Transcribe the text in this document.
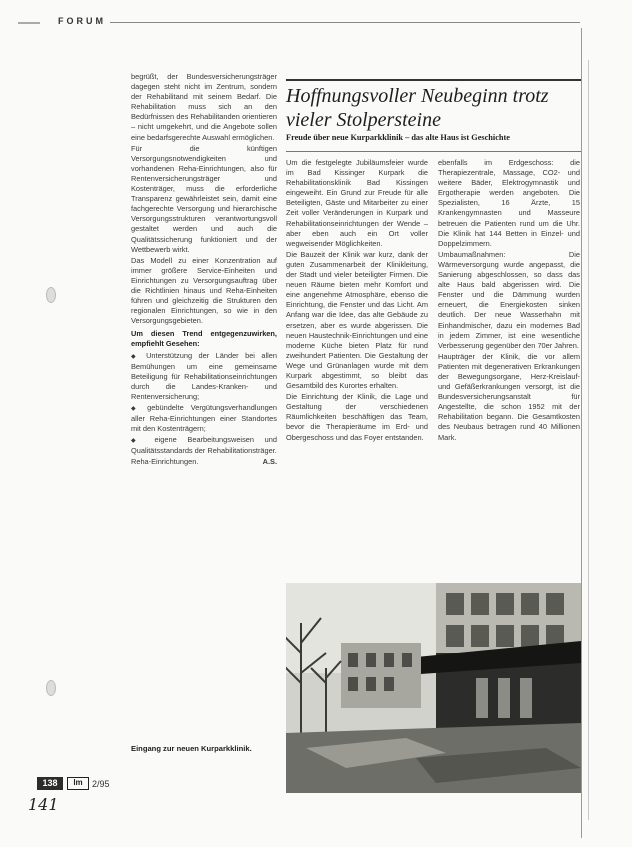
FORUM

begrüßt, der Bundesversicherungsträger dagegen steht nicht im Zentrum, sondern der Rehabilitand mit seinem Bedarf. Die Rehabilitation muss sich an den Bedürfnissen des Rehabilitanden orientieren – nicht umgekehrt, und die Angebote sollen eine bedarfsgerechte Auswahl ermöglichen.

Für die künftigen Versorgungsnotwendigkeiten und vorhandenen Reha-Einrichtungen, also für Rentenversicherungsträger und Kostenträger, muss die erforderliche Transparenz gewährleistet sein, damit eine fachgerechte Versorgung und hierarchische Versorgungsstrukturen verantwortungsvoll gestaltet werden und auch die Qualitätssicherung funktioniert und der Wettbewerb wirkt.

Das Modell zu einer Konzentration auf immer größere Service-Einheiten und Einrichtungen zu Versorgungsauftrag über die Richtlinien hinaus und Reha-Einheiten führen und gleichzeitig die Strukturen den regionalen Einrichtungen, so wie in den Versorgungsgebieten.

Um diesen Trend entgegenzuwirken, empfiehlt Gesehen:

◆ Unterstützung der Länder bei allen Bemühungen um eine gemeinsame Beteiligung für Rehabilitationseinrichtungen durch die Landes-Kranken- und Rentenversicherung;

◆ gebündelte Vergütungsverhandlungen aller Reha-Einrichtungen einer Standortes mit den Kostenträgern;

◆ eigene Bearbeitungsweisen und Qualitätsstandards der Rehabilitationsträger.

Reha-Einrichtungen.	A.S.

Hoffnungsvoller Neubeginn trotz vieler Stolpersteine
Freude über neue Kurparkklinik – das alte Haus ist Geschichte

Um die festgelegte Jubiläumsfeier wurde im Bad Kissinger Kurpark die Rehabilitationsklinik Bad Kissingen eingeweiht. Ein Grund zur Freude für alle Beteiligten, Gäste und Mitarbeiter zu einer Zeit voller Veränderungen in Kurpark und Rehabilitationseinrichtungen der Wende – aber eben auch ein Ort voller wegweisender Möglichkeiten.

Die Bauzeit der Klinik war kurz, dank der guten Zusammenarbeit der Klinikleitung, der Stadt und vieler beteiligter Firmen. Die neuen Räume bieten mehr Komfort und eine angenehme Atmosphäre, ebenso die Einrichtung, die Fenster und das Licht. Am Anfang war die Idee, das alte Gebäude zu ersetzen, aber es wurde abgerissen. Die neuen Haustechnik-Einrichtungen und eine moderne Küche bieten Platz für rund zweihundert Patienten. Die Gestaltung der Wege und Grünanlagen wurde mit dem Kurpark abgestimmt, so bleibt das Gesamtbild des Kurortes erhalten.

Die Einrichtung der Klinik, die Lage und Gestaltung der verschiedenen Räumlichkeiten beschäftigen das Team, bevor die Therapieräume im Erd- und Obergeschoss und das Foyer entstanden.

ebenfalls im Erdgeschoss: die Therapiezentrale, Massage, CO2- und weitere Bäder, Elektrogymnastik und Ergotherapie werden angeboten. Die Spezialisten, 16 Ärzte, 15 Krankengymnasten und Masseure betreuen die Patienten rund um die Uhr. Die Klinik hat 144 Betten in Einzel- und Doppelzimmern.

Umbaumaßnahmen: Die Wärmeversorgung wurde angepasst, die Sanierung abgeschlossen, so dass das alte Haus bald abgerissen wird. Die Fenster und die Dämmung wurden erneuert, die Energiekosten sinken deutlich. Der neue Wasserhahn mit Einhandmischer, dazu ein modernes Bad in jedem Zimmer, ist eine wesentliche Verbesserung gegenüber den 70er Jahren.

Haupträger der Klinik, die vor allem Patienten mit degenerativen Erkrankungen der Bewegungsorgane, Herz-Kreislauf- und Gefäßerkrankungen versorgt, ist die Bundesversicherungsanstalt für Angestellte, die schon 1952 mit der Rehabilitation begann. Die Gesamtkosten des Neubaus betragen rund 40 Millionen Mark.

Eingang zur neuen Kurparkklinik.
138	lm	2/95
141
